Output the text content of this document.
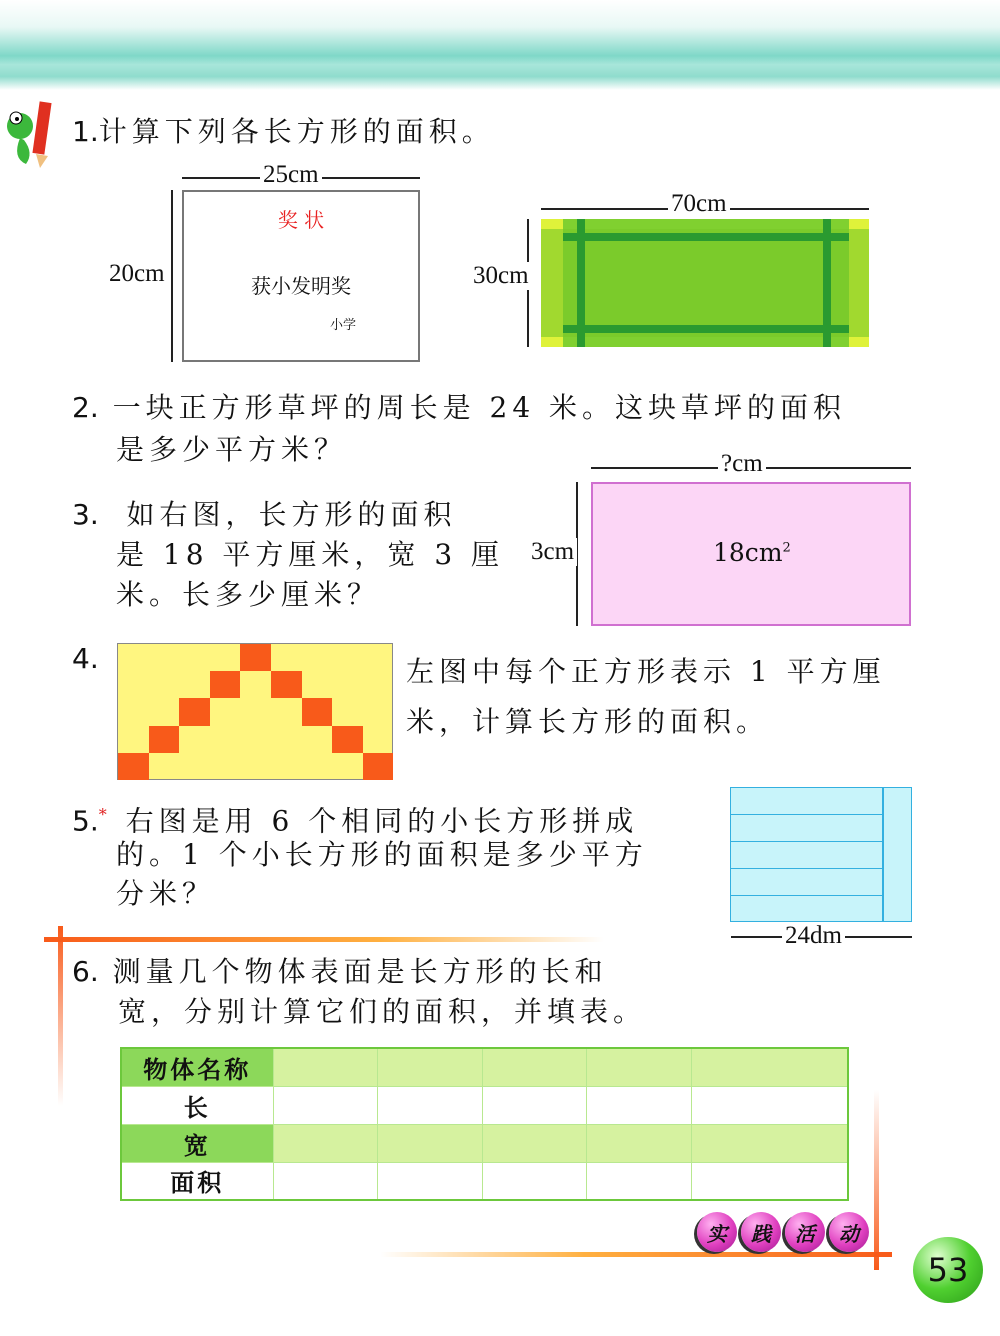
1.计算下列各长方形的面积。
25cm
20cm
奖 状
获小发明奖
小学
70cm
30cm
2. 一块正方形草坪的周长是 24 米。这块草坪的面积
是多少平方米？
3. 如右图，长方形的面积
是 18 平方厘米，宽 3 厘
米。长多少厘米？
?cm
3cm	$18cm^2$
4.	左图中每个正方形表示 1 平方厘
米，计算长方形的面积。
5.* 右图是用 6 个相同的小长方形拼成
的。1 个小长方形的面积是多少平方
分米？
24dm
6. 测量几个物体表面是长方形的长和
宽，分别计算它们的面积，并填表。
物体名称					
长					
宽					
面积					
实	践	活	动
53
